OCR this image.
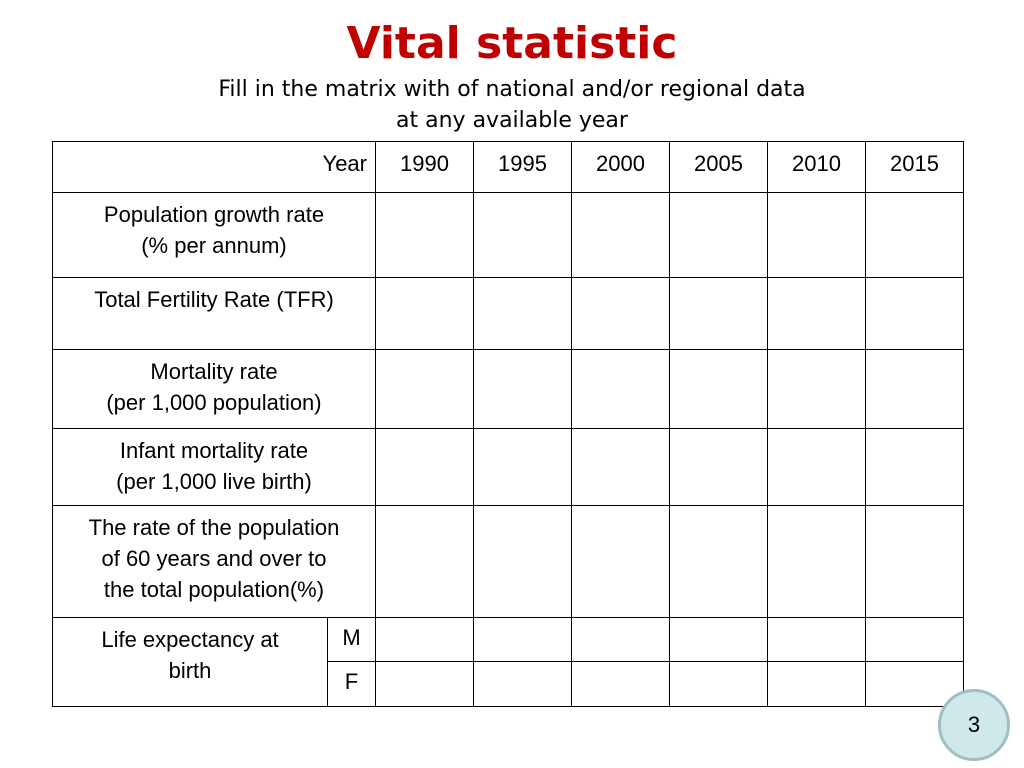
Vital statistic
Fill in the matrix with of national and/or regional data
at any available year
Year		1990	1995	2000	2005	2010	2015

Population growth rate
(% per annum)							

Total Fertility Rate (TFR)							

Mortality rate
(per 1,000 population)							

Infant mortality rate
(per 1,000 live birth)							

The rate of the population
of 60 years and over to
the total population(%)							

Life expectancy at
birth	M						
	F						
3
